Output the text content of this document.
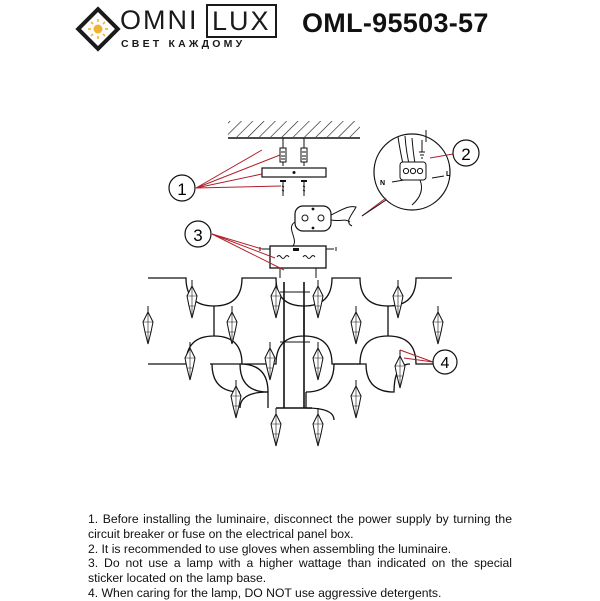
OMNI LUX
СВЕТ КАЖДОМУ
OML-95503-57
N
L
1
2
3
4

1. Before installing the luminaire, disconnect the power supply by turning the circuit breaker or fuse on the electrical panel box.

2. It is recommended to use gloves when assembling the luminaire.

3. Do not use a lamp with a higher wattage than indicated on the special sticker located on the lamp base.

4. When caring for the lamp, DO NOT use aggressive detergents.
